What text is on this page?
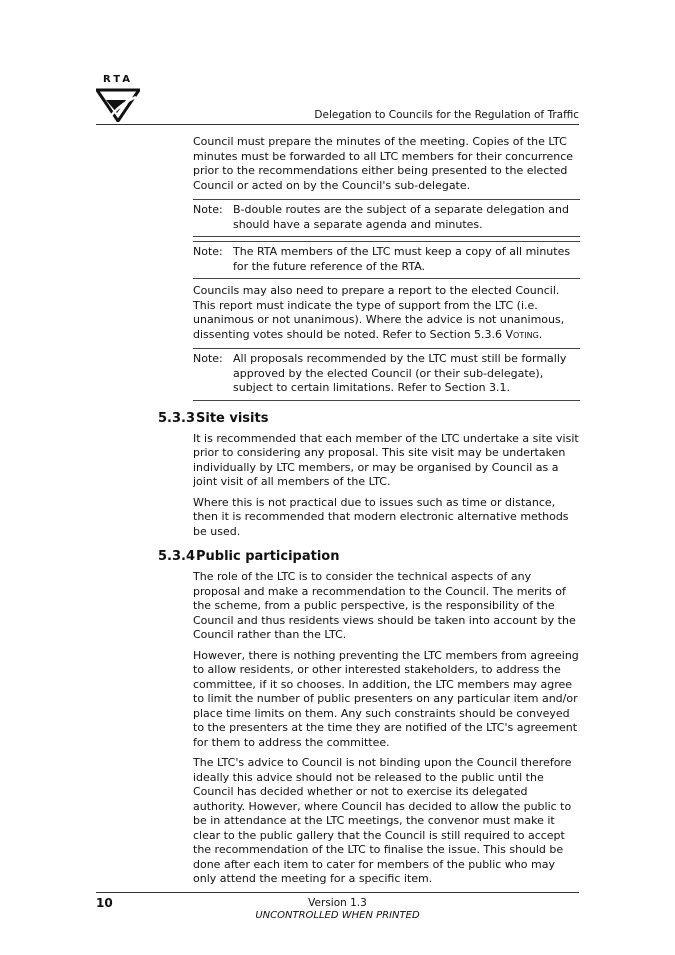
RTA
Delegation to Councils for the Regulation of Traffic

Council must prepare the minutes of the meeting. Copies of the LTC minutes must be forwarded to all LTC members for their concurrence prior to the recommendations either being presented to the elected Council or acted on by the Council's sub-delegate.

Note: B-double routes are the subject of a separate delegation and should have a separate agenda and minutes.
Note: The RTA members of the LTC must keep a copy of all minutes for the future reference of the RTA.

Councils may also need to prepare a report to the elected Council. This report must indicate the type of support from the LTC (i.e. unanimous or not unanimous). Where the advice is not unanimous, dissenting votes should be noted. Refer to Section 5.3.6 Voting.

Note: All proposals recommended by the LTC must still be formally approved by the elected Council (or their sub-delegate), subject to certain limitations. Refer to Section 3.1.
5.3.3Site visits

It is recommended that each member of the LTC undertake a site visit prior to considering any proposal. This site visit may be undertaken individually by LTC members, or may be organised by Council as a joint visit of all members of the LTC.

Where this is not practical due to issues such as time or distance, then it is recommended that modern electronic alternative methods be used.

5.3.4Public participation

The role of the LTC is to consider the technical aspects of any proposal and make a recommendation to the Council. The merits of the scheme, from a public perspective, is the responsibility of the Council and thus residents views should be taken into account by the Council rather than the LTC.

However, there is nothing preventing the LTC members from agreeing to allow residents, or other interested stakeholders, to address the committee, if it so chooses. In addition, the LTC members may agree to limit the number of public presenters on any particular item and/or place time limits on them. Any such constraints should be conveyed to the presenters at the time they are notified of the LTC's agreement for them to address the committee.

The LTC's advice to Council is not binding upon the Council therefore ideally this advice should not be released to the public until the Council has decided whether or not to exercise its delegated authority. However, where Council has decided to allow the public to be in attendance at the LTC meetings, the convenor must make it clear to the public gallery that the Council is still required to accept the recommendation of the LTC to finalise the issue. This should be done after each item to cater for members of the public who may only attend the meeting for a specific item.

10	Version 1.3
UNCONTROLLED WHEN PRINTED
